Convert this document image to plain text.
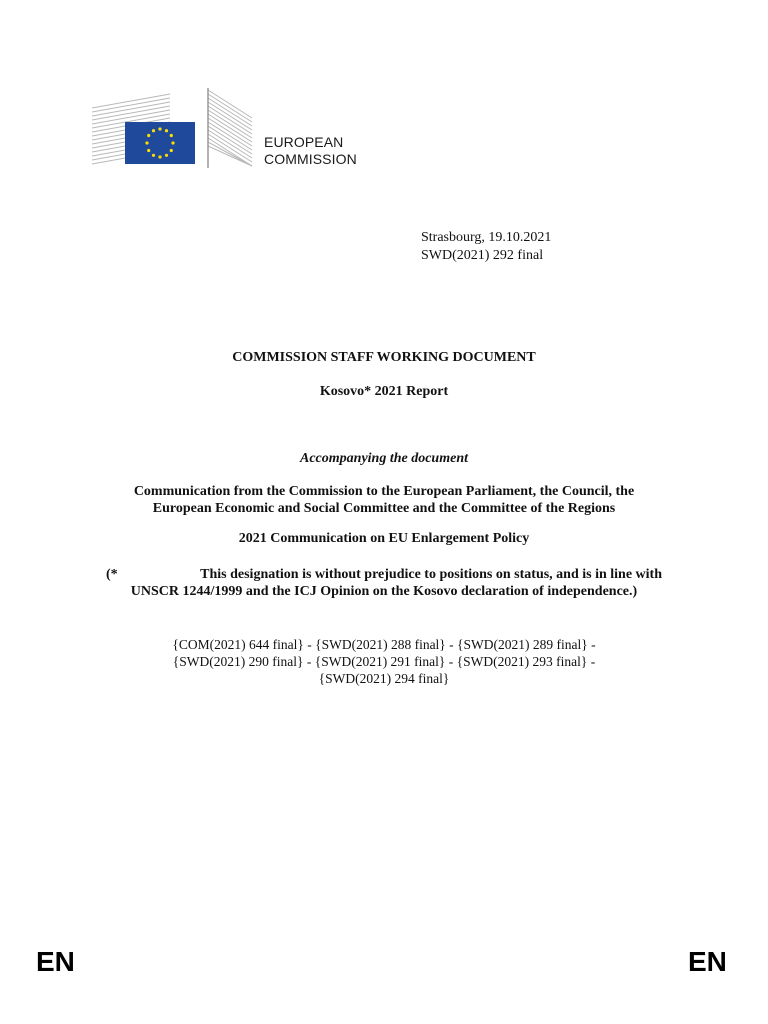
EUROPEAN
COMMISSION
Strasbourg, 19.10.2021
SWD(2021) 292 final
COMMISSION STAFF WORKING DOCUMENT
Kosovo* 2021 Report
Accompanying the document
Communication from the Commission to the European Parliament, the Council, the
European Economic and Social Committee and the Committee of the Regions
2021 Communication on EU Enlargement Policy
(*	This designation is without prejudice to positions on status, and is in line with
UNSCR 1244/1999 and the ICJ Opinion on the Kosovo declaration of independence.)
{COM(2021) 644 final} - {SWD(2021) 288 final} - {SWD(2021) 289 final} -
{SWD(2021) 290 final} - {SWD(2021) 291 final} - {SWD(2021) 293 final} -
{SWD(2021) 294 final}
EN	EN
